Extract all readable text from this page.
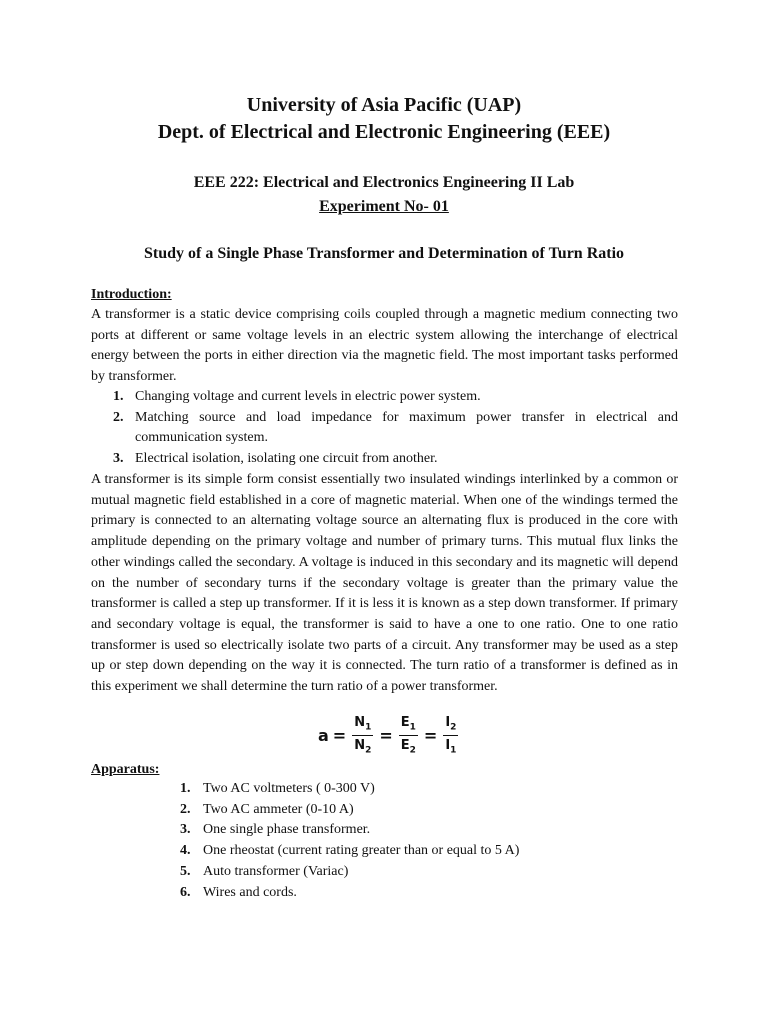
University of Asia Pacific (UAP)
Dept. of Electrical and Electronic Engineering (EEE)
EEE 222: Electrical and Electronics Engineering II Lab
Experiment No- 01
Study of a Single Phase Transformer and Determination of Turn Ratio
Introduction:
A transformer is a static device comprising coils coupled through a magnetic medium connecting two ports at different or same voltage levels in an electric system allowing the interchange of electrical energy between the ports in either direction via the magnetic field. The most important tasks performed by transformer.
1. Changing voltage and current levels in electric power system.
2. Matching source and load impedance for maximum power transfer in electrical and communication system.
3. Electrical isolation, isolating one circuit from another.
A transformer is its simple form consist essentially two insulated windings interlinked by a common or mutual magnetic field established in a core of magnetic material. When one of the windings termed the primary is connected to an alternating voltage source an alternating flux is produced in the core with amplitude depending on the primary voltage and number of primary turns. This mutual flux links the other windings called the secondary. A voltage is induced in this secondary and its magnetic will depend on the number of secondary turns if the secondary voltage is greater than the primary value the transformer is called a step up transformer. If it is less it is known as a step down transformer. If primary and secondary voltage is equal, the transformer is said to have a one to one ratio. One to one ratio transformer is used so electrically isolate two parts of a circuit. Any transformer may be used as a step up or step down depending on the way it is connected. The turn ratio of a transformer is defined as in this experiment we shall determine the turn ratio of a power transformer.
$a = \frac{N_1}{N_2} = \frac{E_1}{E_2} = \frac{I_2}{I_1}$
Apparatus:
1. Two AC voltmeters ( 0-300 V)
2. Two AC ammeter (0-10 A)
3. One single phase transformer.
4. One rheostat (current rating greater than or equal to 5 A)
5. Auto transformer (Variac)
6. Wires and cords.
